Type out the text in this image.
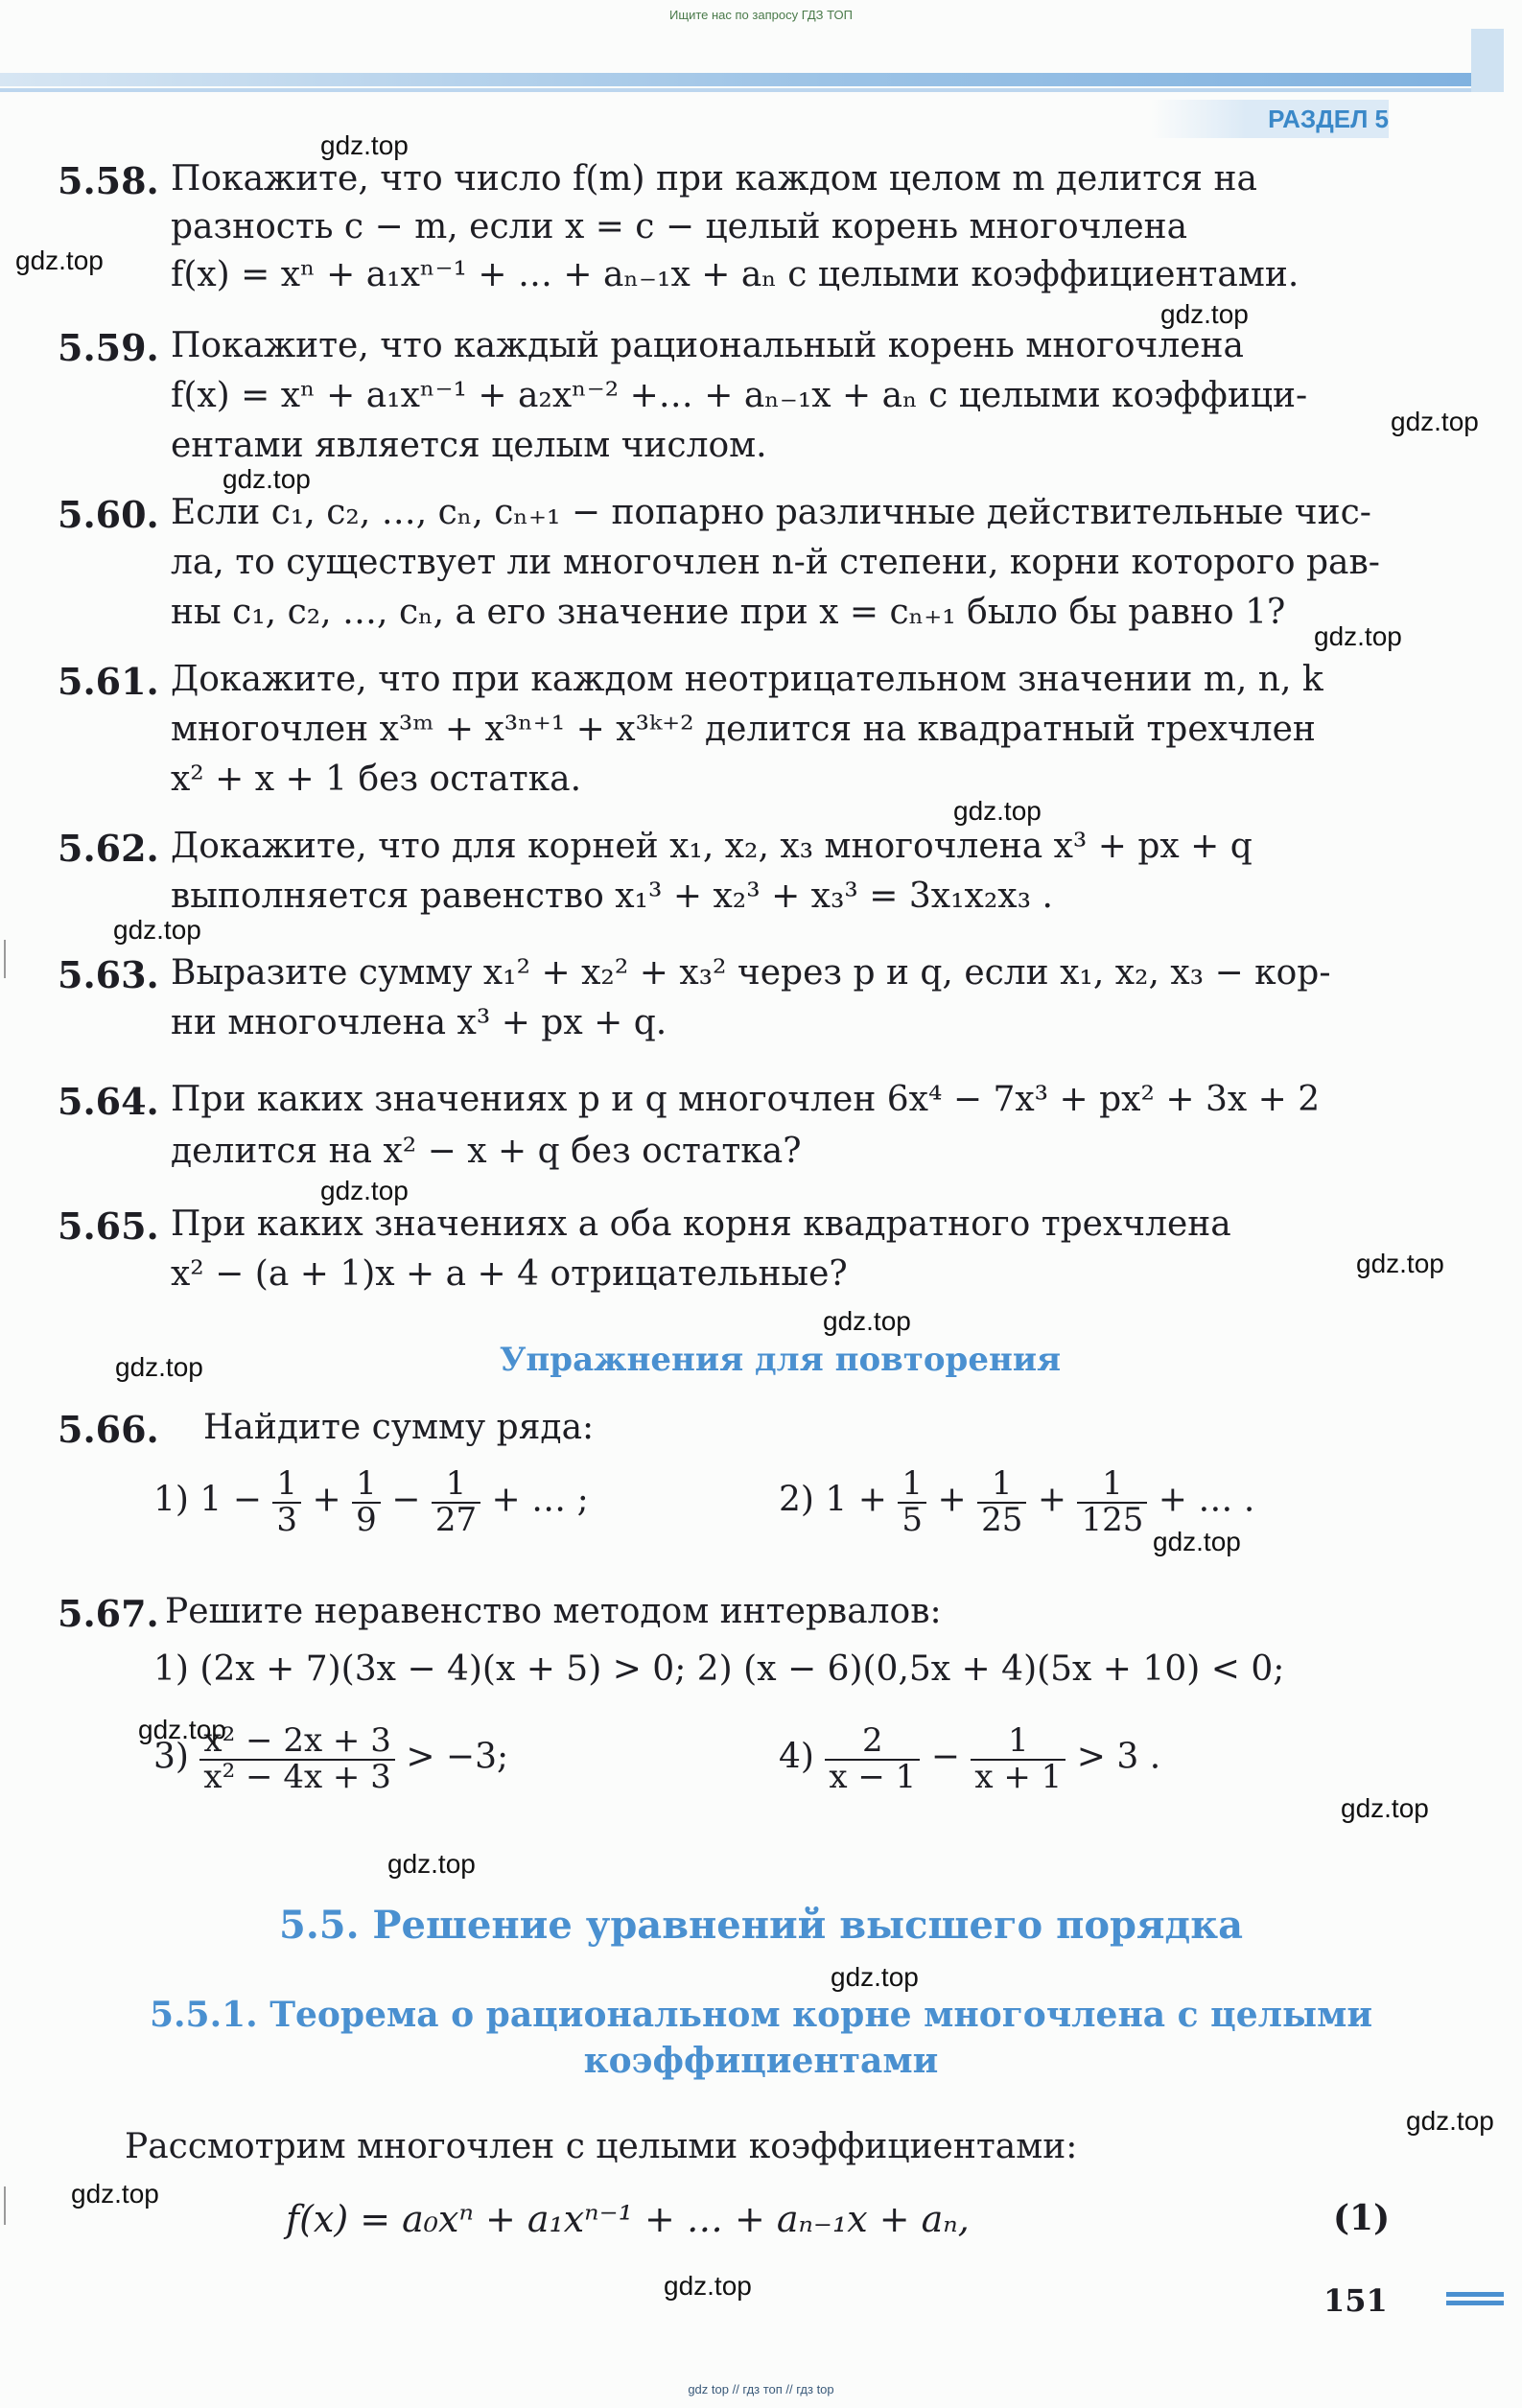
Ищите нас по запросу ГДЗ ТОП
РАЗДЕЛ 5
5.58. Покажите, что число f(m) при каждом целом m делится на
разность c − m, если x = c − целый корень многочлена
f(x) = xⁿ + a₁xⁿ⁻¹ + … + aₙ₋₁x + aₙ с целыми коэффициентами.
5.59. Покажите, что каждый рациональный корень многочлена
f(x) = xⁿ + a₁xⁿ⁻¹ + a₂xⁿ⁻² +… + aₙ₋₁x + aₙ с целыми коэффици-
ентами является целым числом.
5.60. Если c₁, c₂, …, cₙ, cₙ₊₁ − попарно различные действительные чис-
ла, то существует ли многочлен n-й степени, корни которого рав-
ны c₁, c₂, …, cₙ, а его значение при x = cₙ₊₁ было бы равно 1?
5.61. Докажите, что при каждом неотрицательном значении m, n, k
многочлен x³ᵐ + x³ⁿ⁺¹ + x³ᵏ⁺² делится на квадратный трехчлен
x² + x + 1 без остатка.
5.62. Докажите, что для корней x₁, x₂, x₃ многочлена x³ + px + q
выполняется равенство x₁³ + x₂³ + x₃³ = 3x₁x₂x₃ .
5.63. Выразите сумму x₁² + x₂² + x₃² через p и q, если x₁, x₂, x₃ − кор-
ни многочлена x³ + px + q.
5.64. При каких значениях p и q многочлен 6x⁴ − 7x³ + px² + 3x + 2
делится на x² − x + q без остатка?
5.65. При каких значениях a оба корня квадратного трехчлена
x² − (a + 1)x + a + 4 отрицательные?
Упражнения для повторения
5.66. Найдите сумму ряда:
1) $1 - \frac{1}{3} + \frac{1}{9} - \frac{1}{27}$ + … ;	2) $1 + \frac{1}{5} + \frac{1}{25} + \frac{1}{125}$ + … .
5.67. Решите неравенство методом интервалов:
1) (2x + 7)(3x − 4)(x + 5) > 0; 2) (x − 6)(0,5x + 4)(5x + 10) < 0;
$3) \frac{\text{x² − 2x + 3}}{\text{x² − 4x + 3}} > -3$;	$4) \frac{2}{x - 1} - \frac{1}{x + 1} > 3$ .
5.5. Решение уравнений высшего порядка
5.5.1. Теорема о рациональном корне многочлена с целыми
коэффициентами
Рассмотрим многочлен с целыми коэффициентами:
f(x) = a₀xⁿ + a₁xⁿ⁻¹ + … + aₙ₋₁x + aₙ,	(1)
151
gdz.top
gdz.top
gdz.top
gdz.top
gdz.top
gdz.top
gdz.top
gdz.top
gdz.top
gdz.top
gdz.top
gdz.top
gdz.top
gdz.top
gdz.top
gdz.top
gdz.top
gdz.top
gdz.top
gdz.top
gdz top // гдз топ // гдз top
